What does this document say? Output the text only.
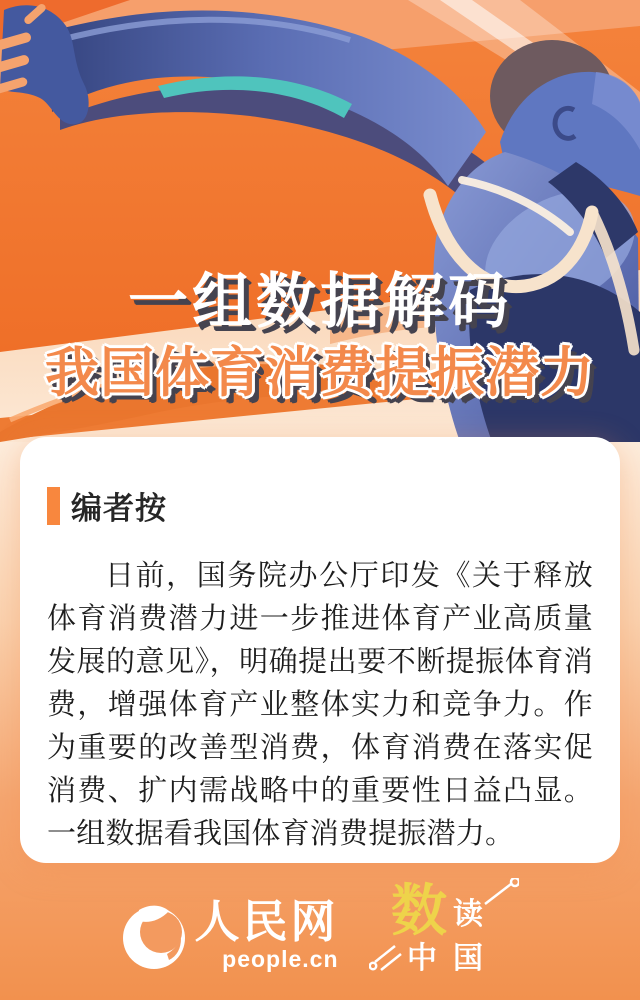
一组数据解码
我国体育消费提振潜力
编者按

日前，国务院办公厅印发《关于释放体育消费潜力进一步推进体育产业高质量发展的意见》，明确提出要不断提振体育消费，增强体育产业整体实力和竞争力。作为重要的改善型消费，体育消费在落实促消费、扩内需战略中的重要性日益凸显。一组数据看我国体育消费提振潜力。

人民网
people.cn
数 读
中 国
